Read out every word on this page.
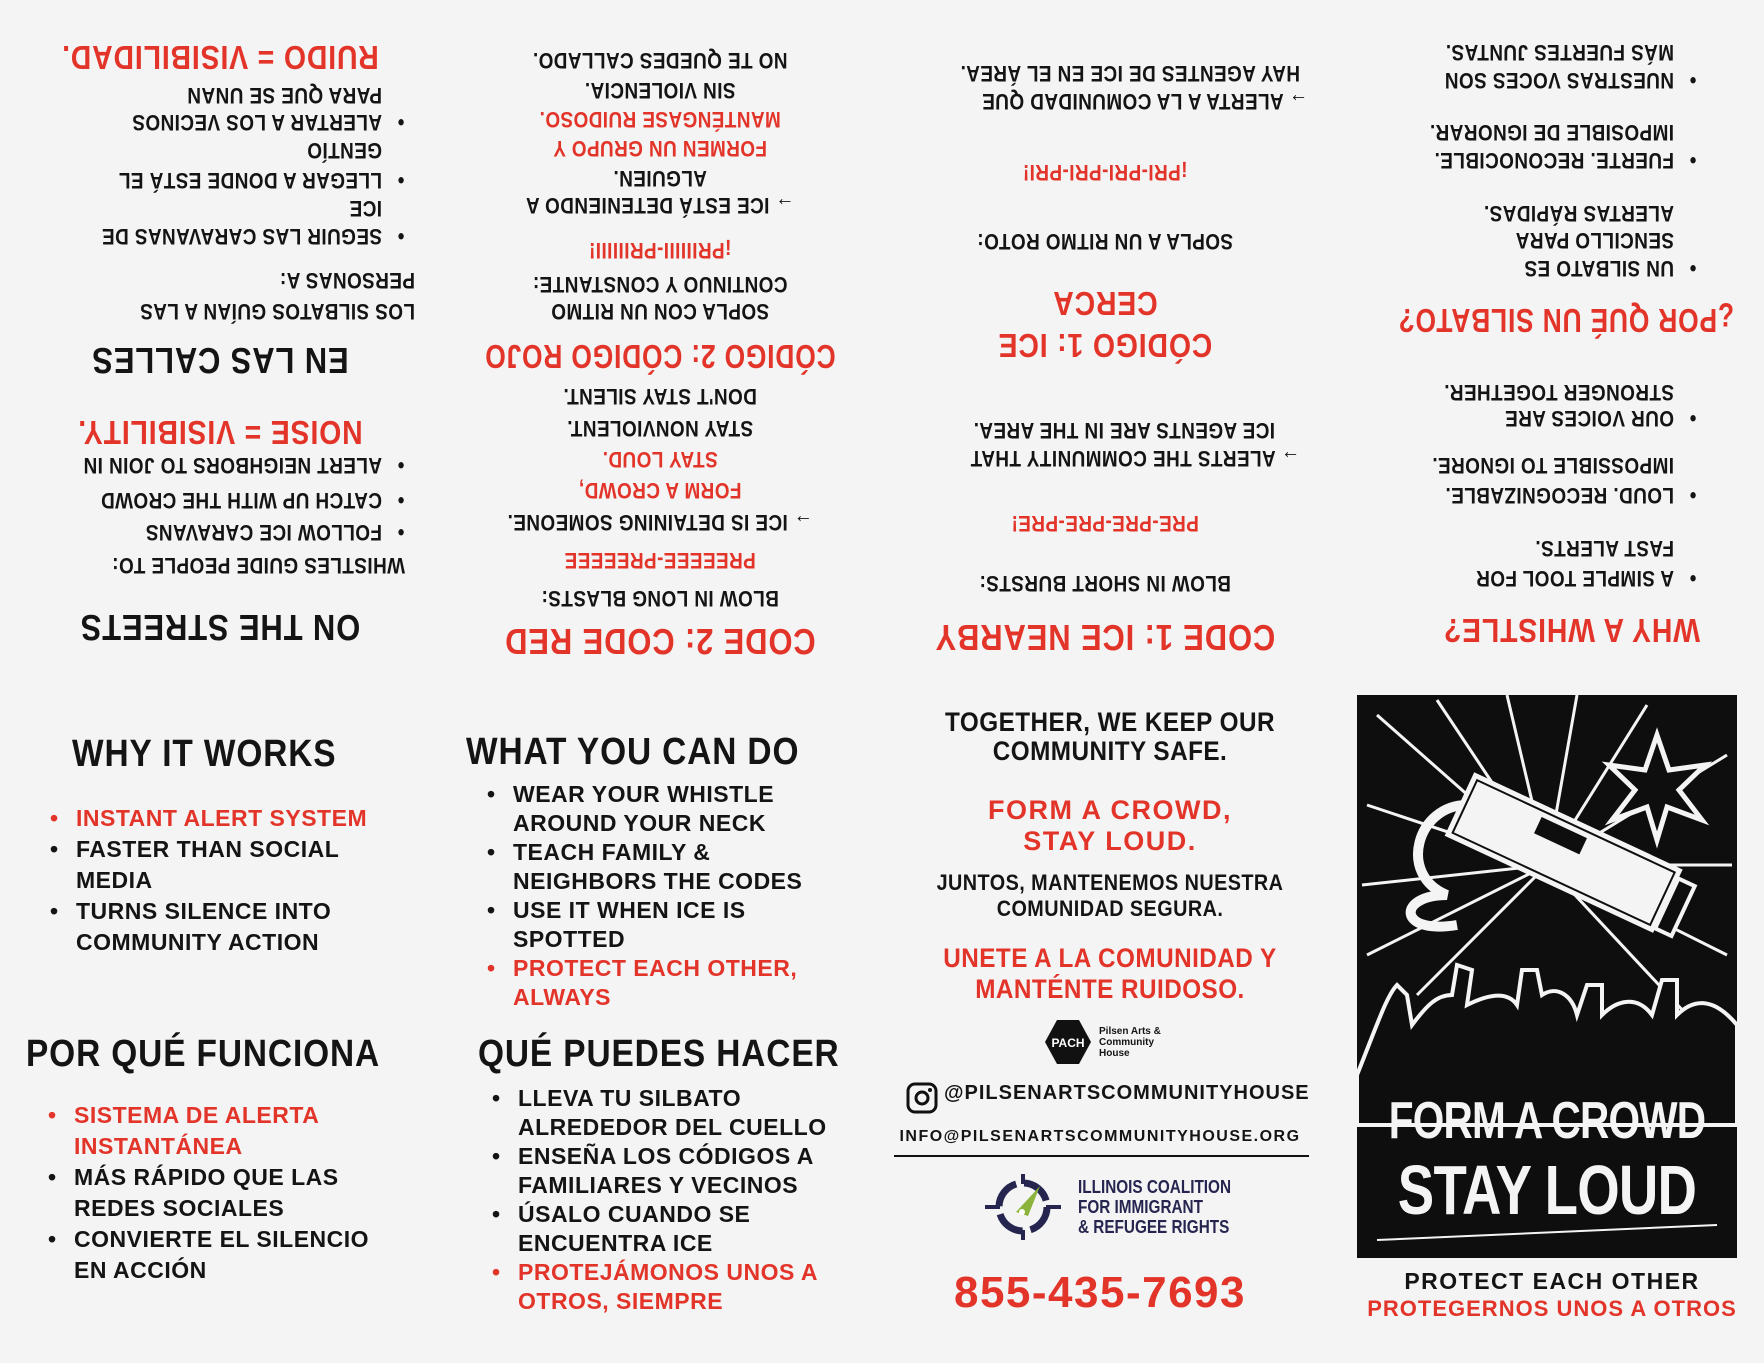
WHY A WHISTLE?
• A SIMPLE TOOL FOR
FAST ALERTS.
• LOUD. RECOGNIZABLE.
IMPOSSIBLE TO IGNORE.
• OUR VOICES ARE
STRONGER TOGETHER.
¿POR QUÉ UN SILBATO?
• UN SILBATO ES
SENCILLO PARA
ALERTAS RÁPIDAS.
• FUERTE. RECONOCIBLE.
IMPOSIBLE DE IGNORAR.
• NUESTRAS VOCES SON
MÁS FUERTES JUNTAS.
CODE 1: ICE NEARBY
BLOW IN SHORT BURSTS:
PRE-PRE-PRE-PRE!
→ ALERTS THE COMMUNITY THAT
ICE AGENTS ARE IN THE AREA.
CÓDIGO 1: ICE
CERCA
SOPLA A UN RITMO ROTO:
¡PRI-PRI-PRI-PRI!
→ ALERTA A LA COMUNIDAD QUE
HAY AGENTES DE ICE EN EL ÁREA.
CODE 2: CODE RED
BLOW IN LONG BLASTS:
PREEEEE-PREEEEE
→ ICE IS DETAINING SOMEONE.
FORM A CROWD,
STAY LOUD.
STAY NONVIOLENT.
DON'T STAY SILENT.
CÓDIGO 2: CÓDIGO ROJO
SOPLA CON UN RITMO
CONTINUO Y CONSTANTE:
¡PRIIIIII-PRIIIIII!
→ ICE ESTÁ DETENIENDO A
ALGUIEN.
FORMEN UN GRUPO Y
MANTÉNGASE RUIDOSO.
SIN VIOLENCIA.
NO TE QUEDES CALLADO.
ON THE STREETS
WHISTLES GUIDE PEOPLE TO:
• FOLLOW ICE CARAVANS
• CATCH UP WITH THE CROWD
• ALERT NEIGHBORS TO JOIN IN
NOISE = VISIBILITY.
EN LAS CALLES
LOS SILBATOS GUÍAN A LAS
PERSONAS A:
• SEGUIR LAS CARAVANAS DE
ICE
• LLEGAR A DONDE ESTÁ EL
GENTÍO
• ALERTAR A LOS VECINOS
PARA QUE SE UNAN
RUIDO = VISIBILIDAD.
WHY IT WORKS
• INSTANT ALERT SYSTEM
• FASTER THAN SOCIAL MEDIA
• TURNS SILENCE INTO COMMUNITY ACTION
POR QUÉ FUNCIONA
• SISTEMA DE ALERTA INSTANTÁNEA
• MÁS RÁPIDO QUE LAS REDES SOCIALES
• CONVIERTE EL SILENCIO EN ACCIÓN
WHAT YOU CAN DO
• WEAR YOUR WHISTLE AROUND YOUR NECK
• TEACH FAMILY & NEIGHBORS THE CODES
• USE IT WHEN ICE IS SPOTTED
• PROTECT EACH OTHER, ALWAYS
QUÉ PUEDES HACER
• LLEVA TU SILBATO ALREDEDOR DEL CUELLO
• ENSEÑA LOS CÓDIGOS A FAMILIARES Y VECINOS
• ÚSALO CUANDO SE ENCUENTRA ICE
• PROTEJÁMONOS UNOS A OTROS, SIEMPRE
TOGETHER, WE KEEP OUR COMMUNITY SAFE.
FORM A CROWD,
STAY LOUD.
JUNTOS, MANTENEMOS NUESTRA COMUNIDAD SEGURA.
UNETE A LA COMUNIDAD Y MANTÉNTE RUIDOSO.
PACH
Pilsen Arts &
Community
House
@PILSENARTSCOMMUNITYHOUSE
INFO@PILSENARTSCOMMUNITYHOUSE.ORG
ILLINOIS COALITION
FOR IMMIGRANT
& REFUGEE RIGHTS
855-435-7693
FORM A CROWD
STAY LOUD
PROTECT EACH OTHER
PROTEGERNOS UNOS A OTROS
